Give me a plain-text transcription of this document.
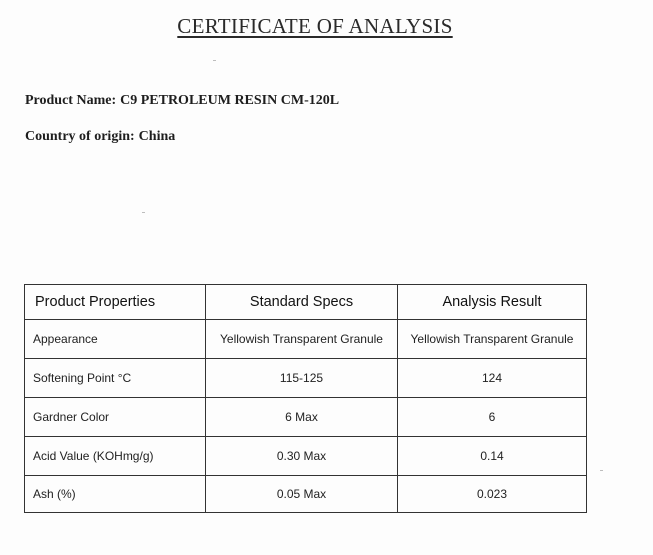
CERTIFICATE OF ANALYSIS
Product Name: C9 PETROLEUM RESIN CM-120L
Country of origin: China
Product Properties	Standard Specs	Analysis Result
Appearance	Yellowish Transparent Granule	Yellowish Transparent Granule
Softening Point °C	115-125	124
Gardner Color	6 Max	6
Acid Value (KOHmg/g)	0.30 Max	0.14
Ash (%)	0.05 Max	0.023
